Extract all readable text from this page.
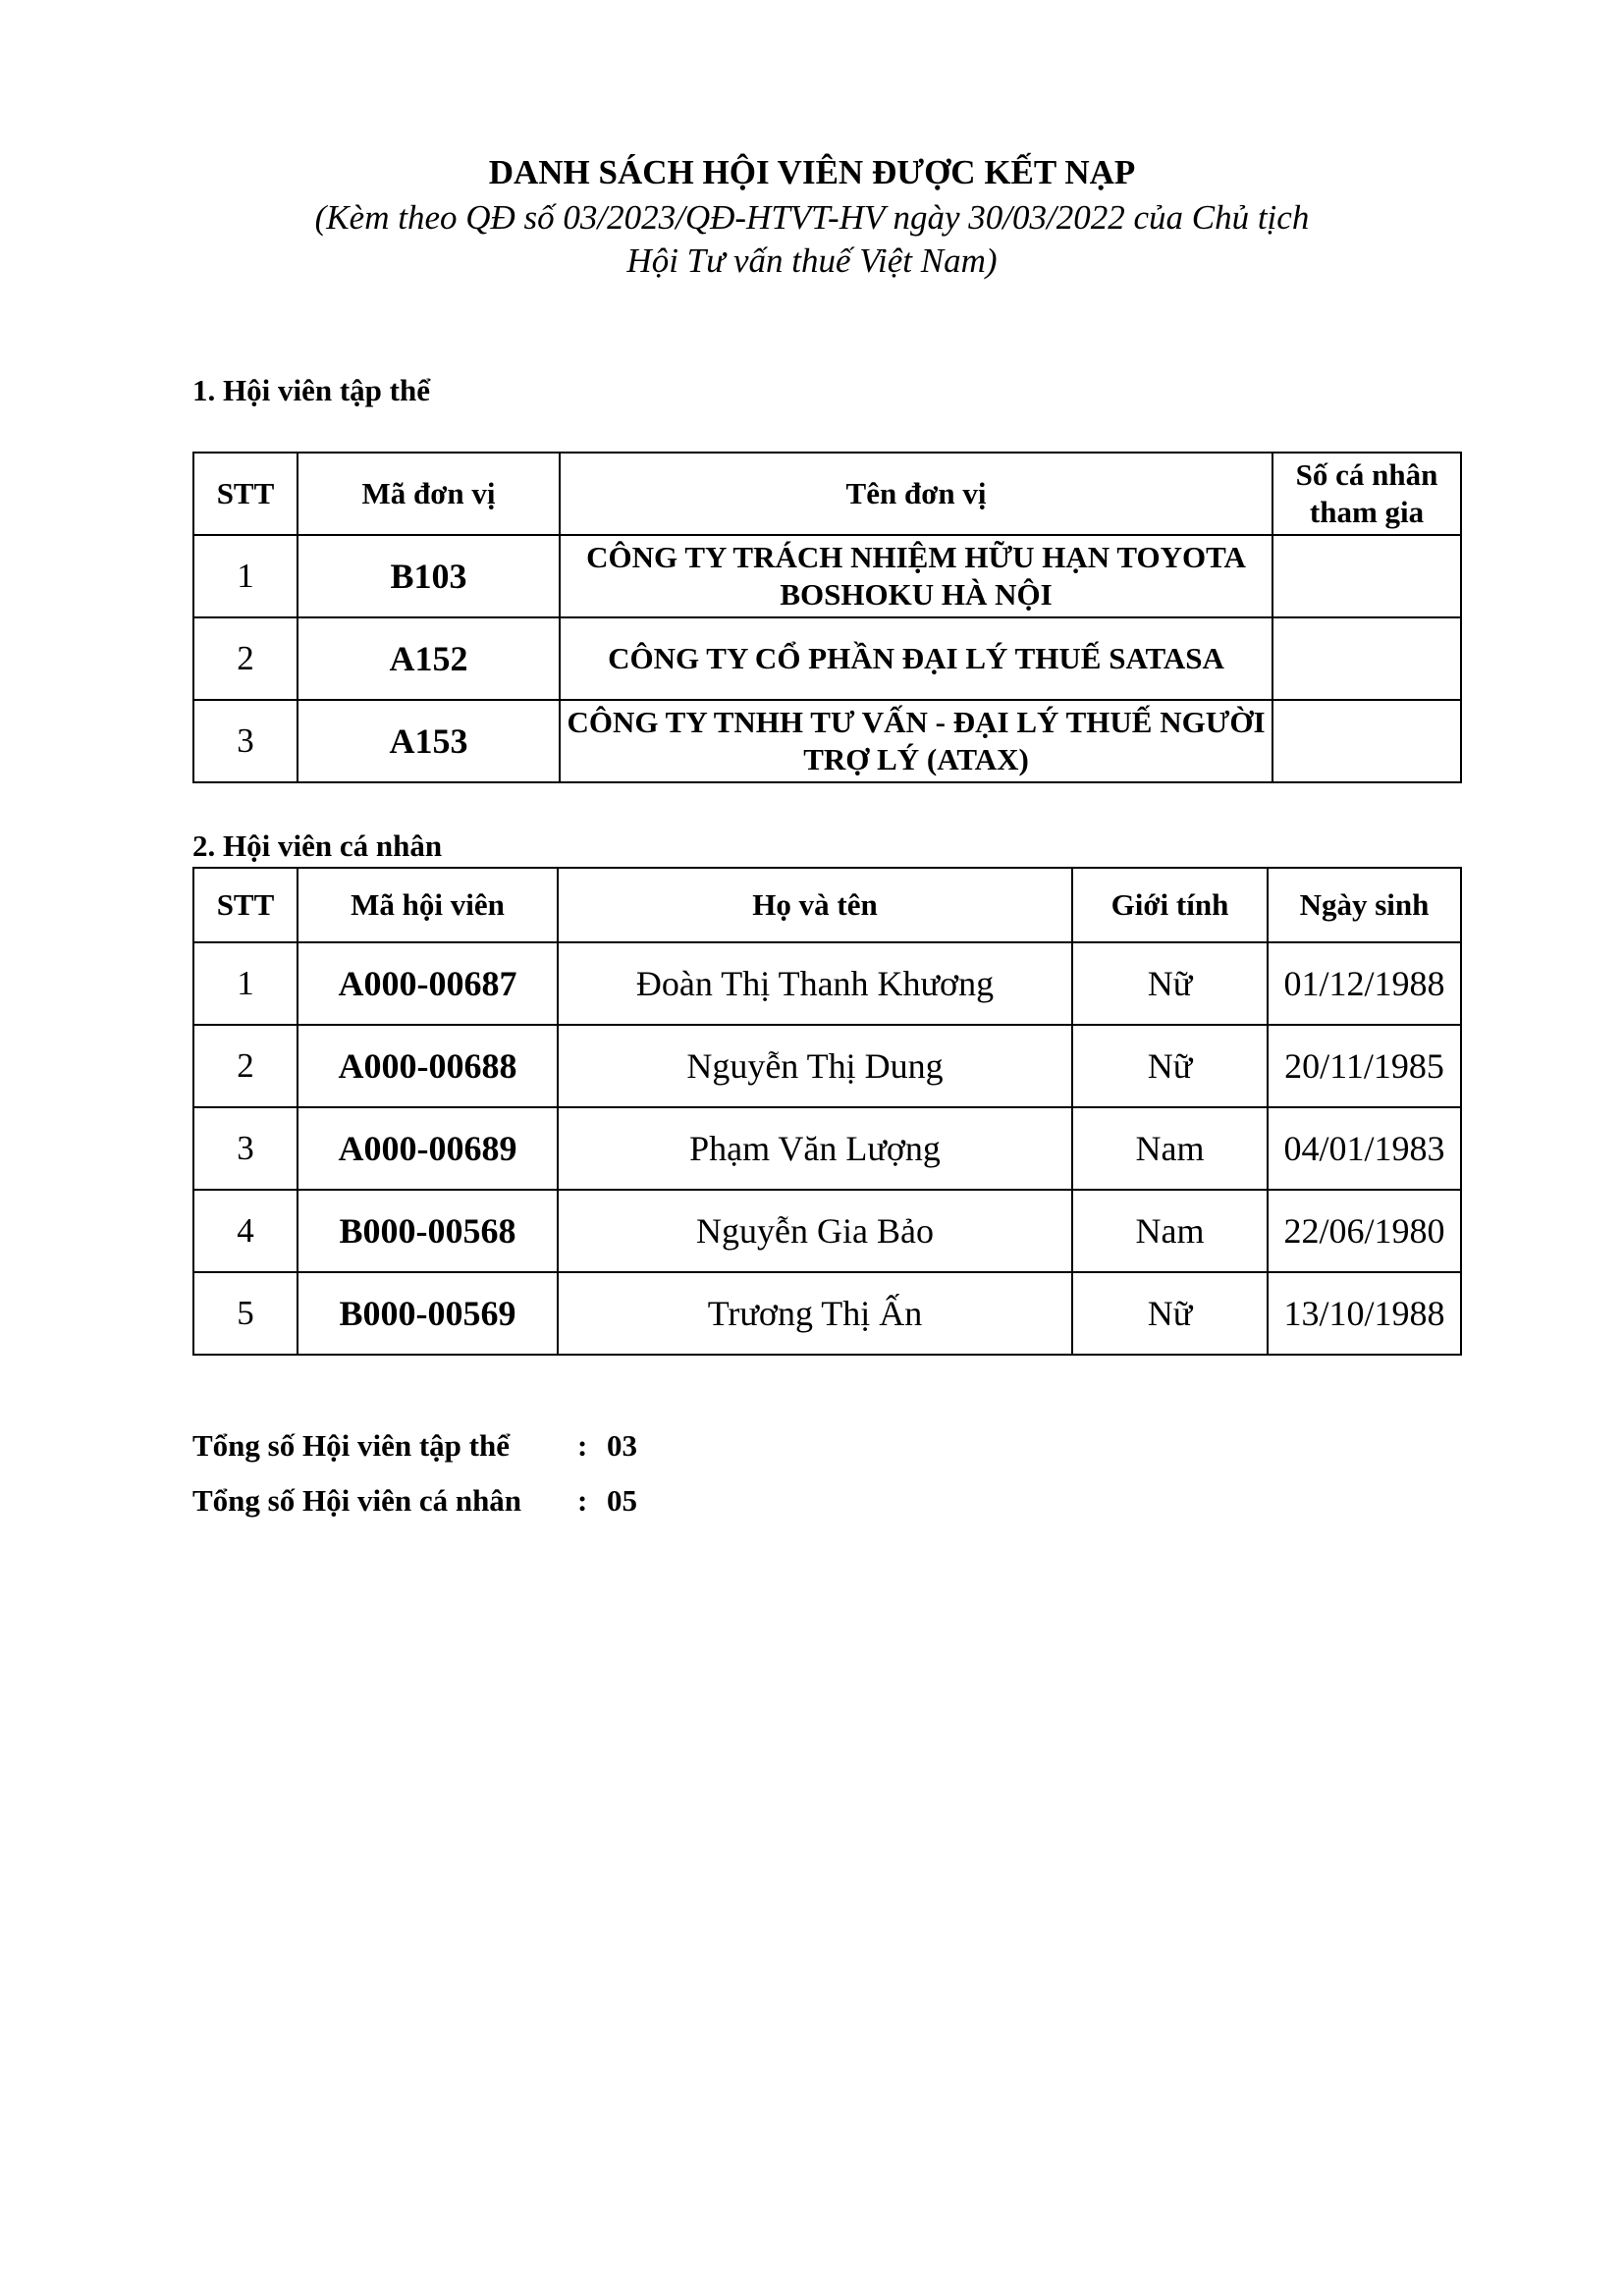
DANH SÁCH HỘI VIÊN ĐƯỢC KẾT NẠP
(Kèm theo QĐ số 03/2023/QĐ-HTVT-HV ngày 30/03/2022 của Chủ tịch
Hội Tư vấn thuế Việt Nam)
1. Hội viên tập thể
STT	Mã đơn vị	Tên đơn vị	Số cá nhân tham gia
1	B103	CÔNG TY TRÁCH NHIỆM HỮU HẠN TOYOTA BOSHOKU HÀ NỘI	
2	A152	CÔNG TY CỔ PHẦN ĐẠI LÝ THUẾ SATASA	
3	A153	CÔNG TY TNHH TƯ VẤN - ĐẠI LÝ THUẾ NGƯỜI TRỢ LÝ (ATAX)	
2. Hội viên cá nhân
STT	Mã hội viên	Họ và tên	Giới tính	Ngày sinh
1	A000-00687	Đoàn Thị Thanh Khương	Nữ	01/12/1988
2	A000-00688	Nguyễn Thị Dung	Nữ	20/11/1985
3	A000-00689	Phạm Văn Lượng	Nam	04/01/1983
4	B000-00568	Nguyễn Gia Bảo	Nam	22/06/1980
5	B000-00569	Trương Thị Ấn	Nữ	13/10/1988
Tổng số Hội viên tập thể : 03
Tổng số Hội viên cá nhân : 05
